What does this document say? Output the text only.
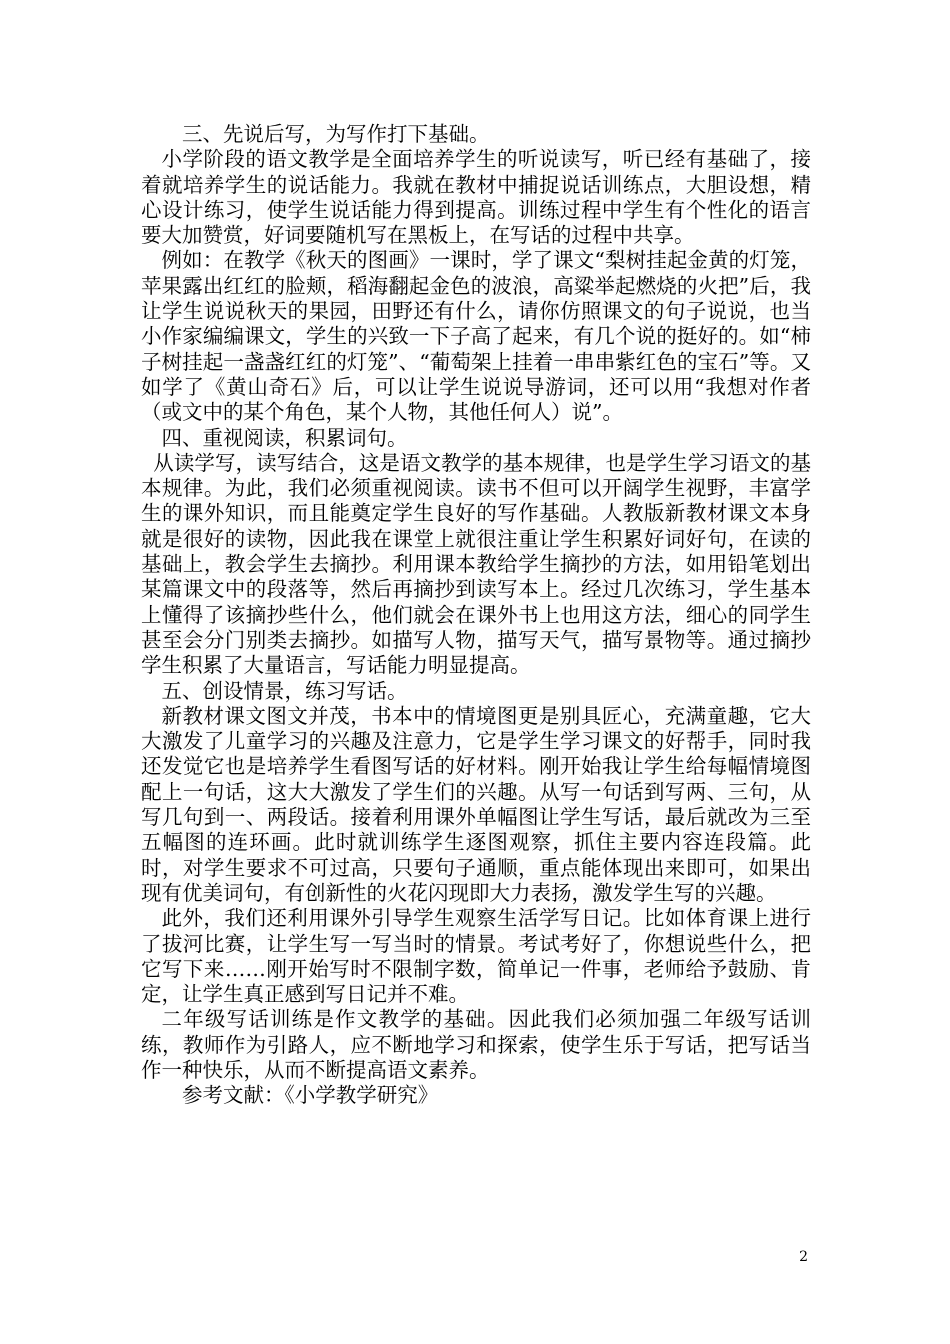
三、先说后写，为写作打下基础。

小学阶段的语文教学是全面培养学生的听说读写，听已经有基础了，接着就培养学生的说话能力。我就在教材中捕捉说话训练点，大胆设想，精心设计练习，使学生说话能力得到提高。训练过程中学生有个性化的语言要大加赞赏，好词要随机写在黑板上，在写话的过程中共享。

例如：在教学《秋天的图画》一课时，学了课文“梨树挂起金黄的灯笼，苹果露出红红的脸颊，稻海翻起金色的波浪，高粱举起燃烧的火把”后，我让学生说说秋天的果园，田野还有什么，请你仿照课文的句子说说，也当小作家编编课文，学生的兴致一下子高了起来，有几个说的挺好的。如“柿子树挂起一盏盏红红的灯笼”、“葡萄架上挂着一串串紫红色的宝石”等。又如学了《黄山奇石》后，可以让学生说说导游词，还可以用“我想对作者（或文中的某个角色，某个人物，其他任何人）说”。

四、重视阅读，积累词句。

从读学写，读写结合，这是语文教学的基本规律，也是学生学习语文的基本规律。为此，我们必须重视阅读。读书不但可以开阔学生视野，丰富学生的课外知识，而且能奠定学生良好的写作基础。人教版新教材课文本身就是很好的读物，因此我在课堂上就很注重让学生积累好词好句，在读的基础上，教会学生去摘抄。利用课本教给学生摘抄的方法，如用铅笔划出某篇课文中的段落等，然后再摘抄到读写本上。经过几次练习，学生基本上懂得了该摘抄些什么，他们就会在课外书上也用这方法，细心的同学生甚至会分门别类去摘抄。如描写人物，描写天气，描写景物等。通过摘抄学生积累了大量语言，写话能力明显提高。

五、创设情景，练习写话。

新教材课文图文并茂，书本中的情境图更是别具匠心，充满童趣，它大大激发了儿童学习的兴趣及注意力，它是学生学习课文的好帮手，同时我还发觉它也是培养学生看图写话的好材料。刚开始我让学生给每幅情境图配上一句话，这大大激发了学生们的兴趣。从写一句话到写两、三句，从写几句到一、两段话。接着利用课外单幅图让学生写话，最后就改为三至五幅图的连环画。此时就训练学生逐图观察，抓住主要内容连段篇。此时，对学生要求不可过高，只要句子通顺，重点能体现出来即可，如果出现有优美词句，有创新性的火花闪现即大力表扬，激发学生写的兴趣。

此外，我们还利用课外引导学生观察生活学写日记。比如体育课上进行了拔河比赛，让学生写一写当时的情景。考试考好了，你想说些什么，把它写下来……刚开始写时不限制字数，简单记一件事，老师给予鼓励、肯定，让学生真正感到写日记并不难。

二年级写话训练是作文教学的基础。因此我们必须加强二年级写话训练，教师作为引路人，应不断地学习和探索，使学生乐于写话，把写话当作一种快乐，从而不断提高语文素养。

参考文献：《小学教学研究》

2
